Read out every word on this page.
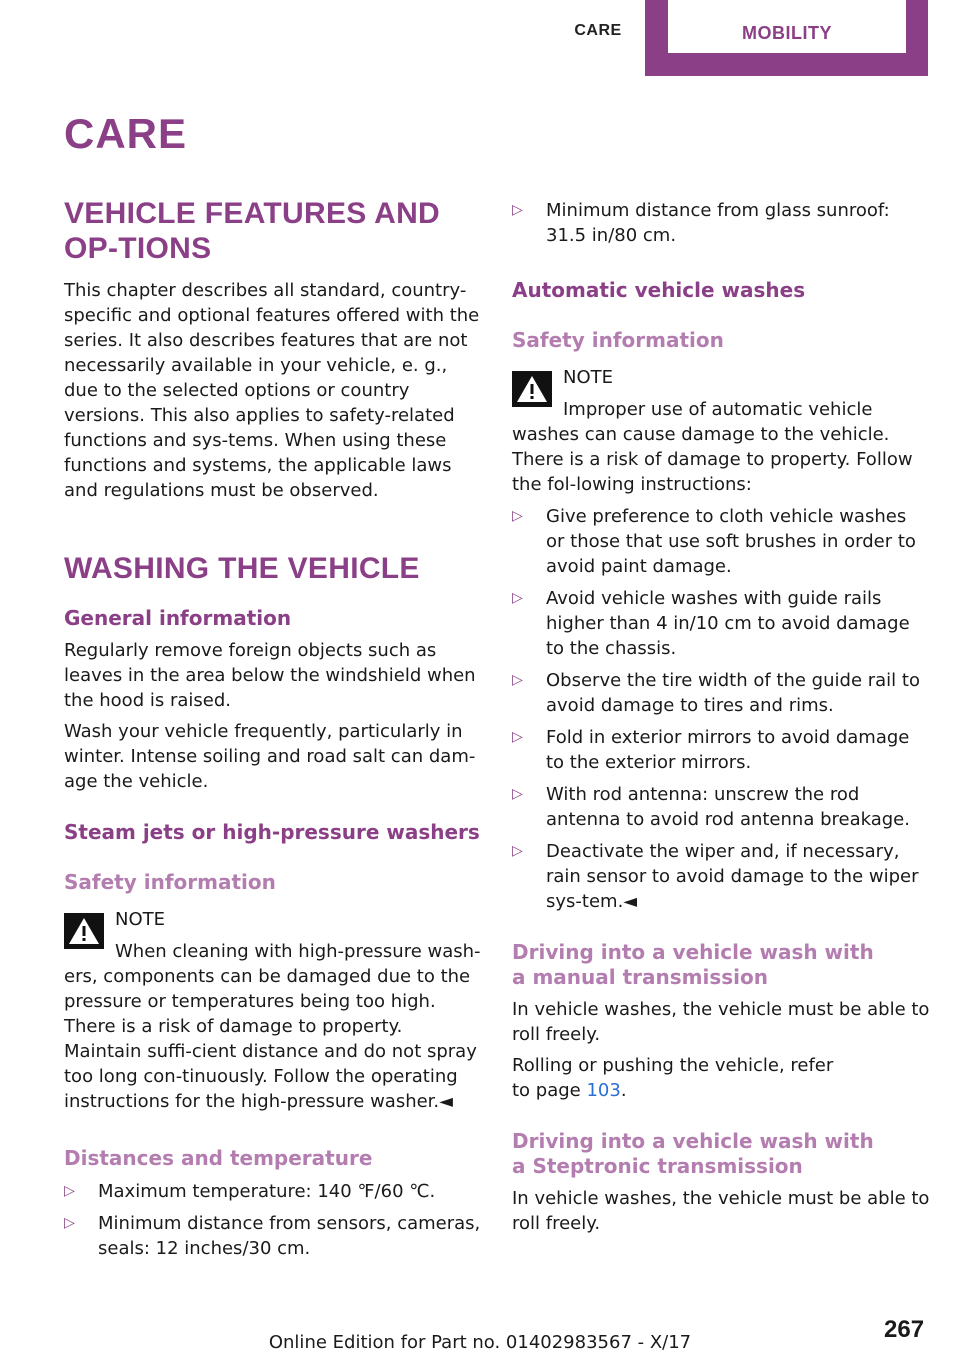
CARE	MOBILITY
CARE
VEHICLE FEATURES AND OP-TIONS

This chapter describes all standard, country-specific and optional features offered with the series. It also describes features that are not necessarily available in your vehicle, e. g., due to the selected options or country versions. This also applies to safety-related functions and sys-tems. When using these functions and systems, the applicable laws and regulations must be observed.

WASHING THE VEHICLE
General information

Regularly remove foreign objects such as leaves in the area below the windshield when the hood is raised.

Wash your vehicle frequently, particularly in winter. Intense soiling and road salt can dam-age the vehicle.

Steam jets or high-pressure washers
Safety information
NOTE
When cleaning with high-pressure wash-

ers, components can be damaged due to the pressure or temperatures being too high. There is a risk of damage to property. Maintain suffi-cient distance and do not spray too long con-tinuously. Follow the operating instructions for the high-pressure washer.◄

Distances and temperature
▷ Maximum temperature: 140 ℉/60 ℃.
▷ Minimum distance from sensors, cameras, seals: 12 inches/30 cm.
▷ Minimum distance from glass sunroof: 31.5 in/80 cm.
Automatic vehicle washes
Safety information
NOTE
Improper use of automatic vehicle

washes can cause damage to the vehicle. There is a risk of damage to property. Follow the fol-lowing instructions:

▷ Give preference to cloth vehicle washes or those that use soft brushes in order to avoid paint damage.
▷ Avoid vehicle washes with guide rails higher than 4 in/10 cm to avoid damage to the chassis.
▷ Observe the tire width of the guide rail to avoid damage to tires and rims.
▷ Fold in exterior mirrors to avoid damage to the exterior mirrors.
▷ With rod antenna: unscrew the rod antenna to avoid rod antenna breakage.
▷ Deactivate the wiper and, if necessary, rain sensor to avoid damage to the wiper sys-tem.◄
Driving into a vehicle wash with a manual transmission

In vehicle washes, the vehicle must be able to roll freely.

Rolling or pushing the vehicle, refer to page 103.

Driving into a vehicle wash with a Steptronic transmission

In vehicle washes, the vehicle must be able to roll freely.

267
Online Edition for Part no. 01402983567 - X/17
